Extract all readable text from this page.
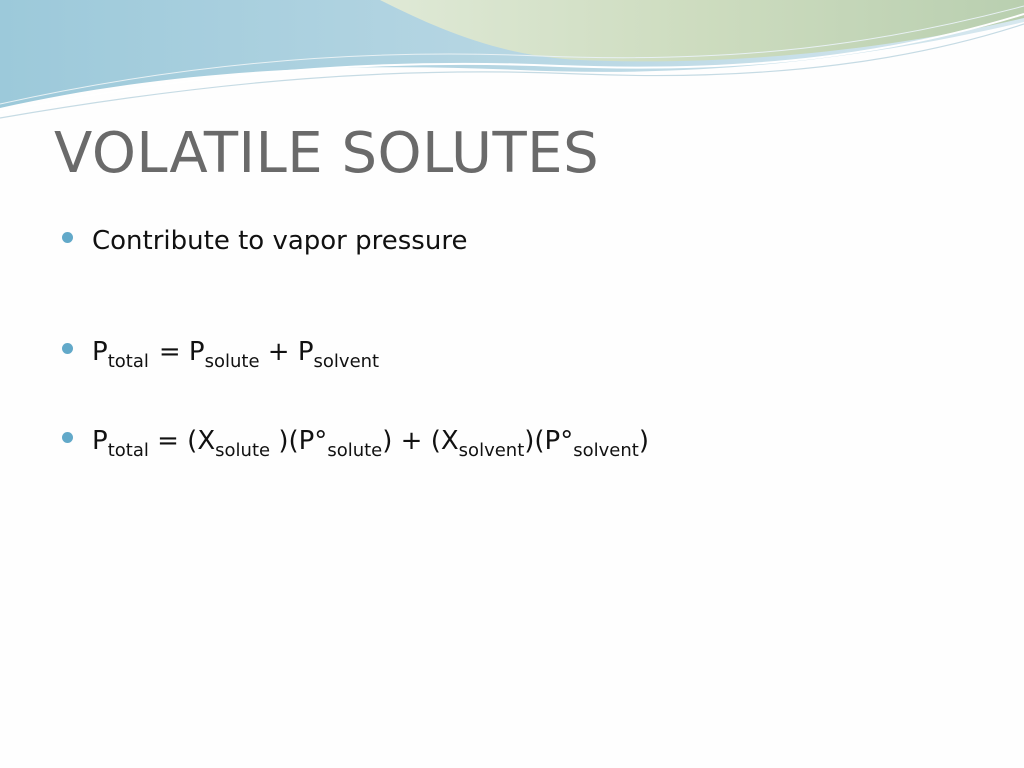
VOLATILE SOLUTES
Contribute to vapor pressure
$P_{total} = P_{solute} + P_{solvent}$
$P_{total} = (X_{solute}$ )$(P^\circ_{solute}) + (X_{solvent})(P^\circ_{solvent})$
